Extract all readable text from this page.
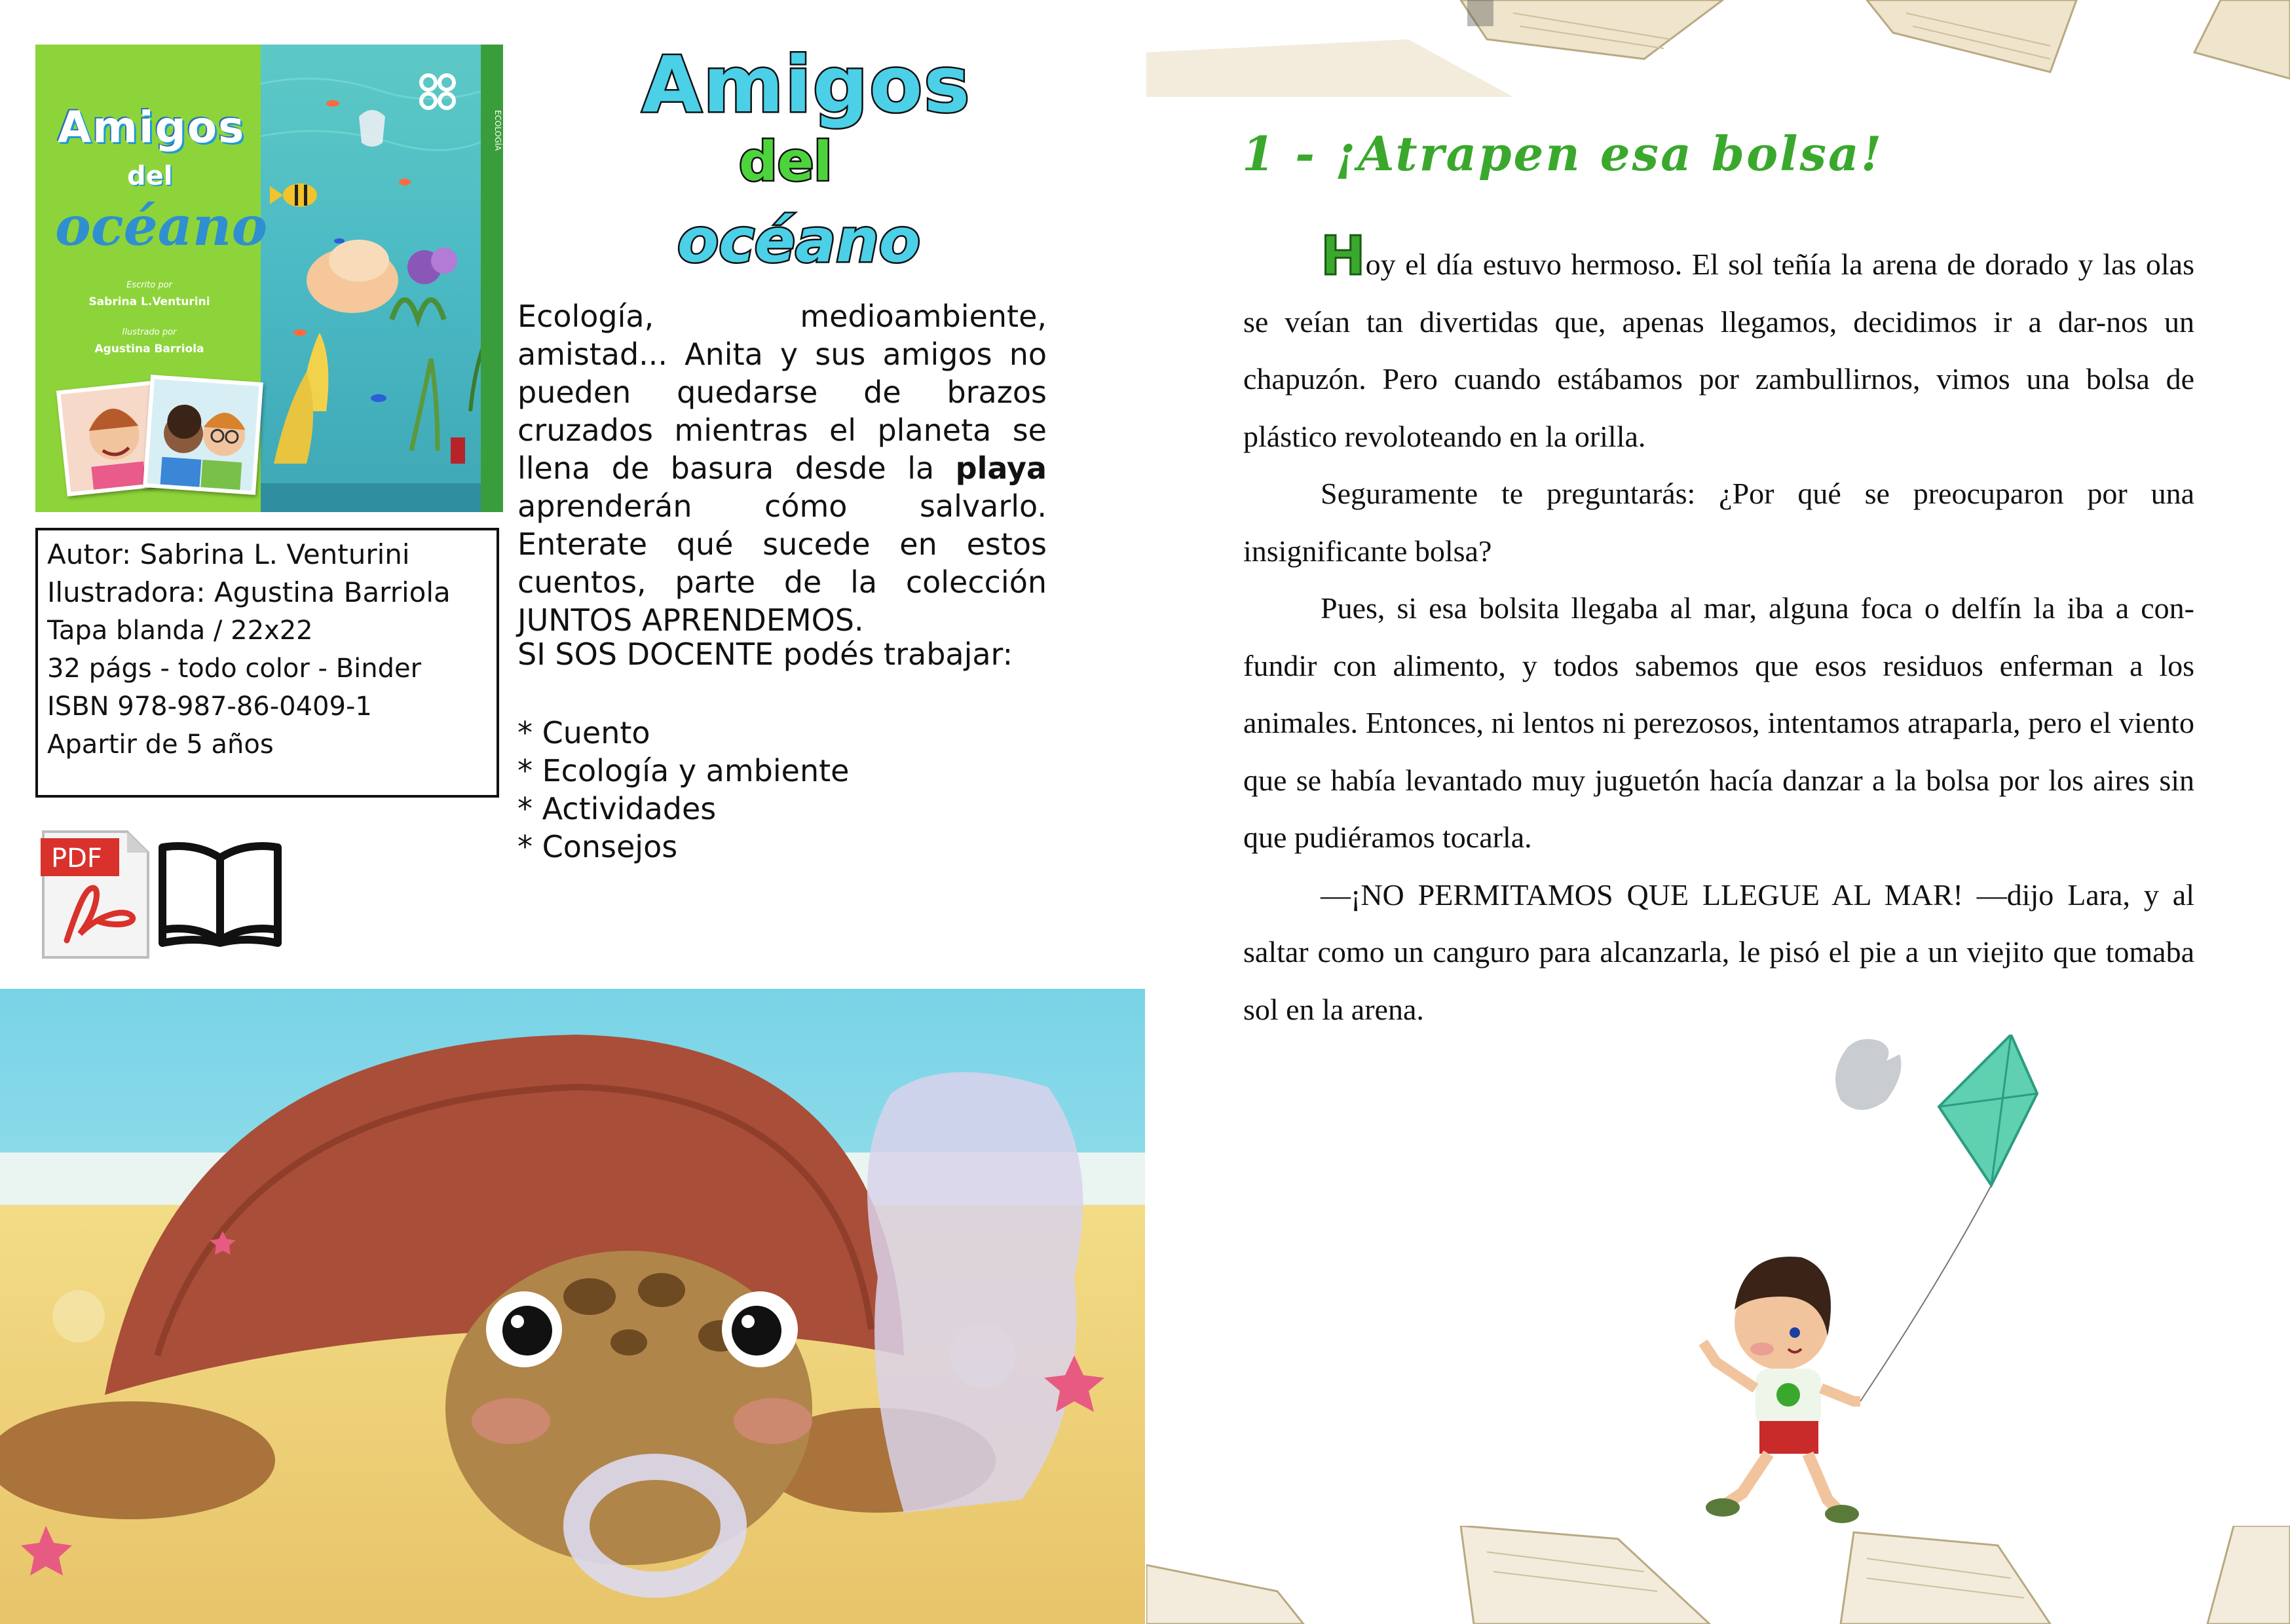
ECOLOGÍA
Amigos
del
océano
Escrito por
Sabrina L.Venturini
Ilustrado por
Agustina Barriola
Autor: Sabrina L. Venturini
Ilustradora: Agustina Barriola
Tapa blanda / 22x22
32 págs - todo color - Binder
ISBN 978-987-86-0409-1
Apartir de 5 años
PDF
Amigos
del
océano
Ecología, medioambiente, amistad... Anita y sus amigos no pueden quedarse de brazos cruzados mientras el planeta se llena de basura desde la playa aprenderán cómo salvarlo. Enterate qué sucede en estos cuentos, parte de la colección JUNTOS APRENDEMOS.
SI SOS DOCENTE podés trabajar:
* Cuento
* Ecología y ambiente
* Actividades
* Consejos
1 - ¡Atrapen esa bolsa!

Hoy el día estuvo hermoso. El sol teñía la arena de dorado y las olas se veían tan divertidas que, apenas llegamos, decidimos ir a dar-nos un chapuzón. Pero cuando estábamos por zambullirnos, vimos una bolsa de plástico revoloteando en la orilla.

Seguramente te preguntarás: ¿Por qué se preocuparon por una insignificante bolsa?

Pues, si esa bolsita llegaba al mar, alguna foca o delfín la iba a con-fundir con alimento, y todos sabemos que esos residuos enferman a los animales. Entonces, ni lentos ni perezosos, intentamos atraparla, pero el viento que se había levantado muy juguetón hacía danzar a la bolsa por los aires sin que pudiéramos tocarla.

—¡NO PERMITAMOS QUE LLEGUE AL MAR! —dijo Lara, y al saltar como un canguro para alcanzarla, le pisó el pie a un viejito que tomaba sol en la arena.
